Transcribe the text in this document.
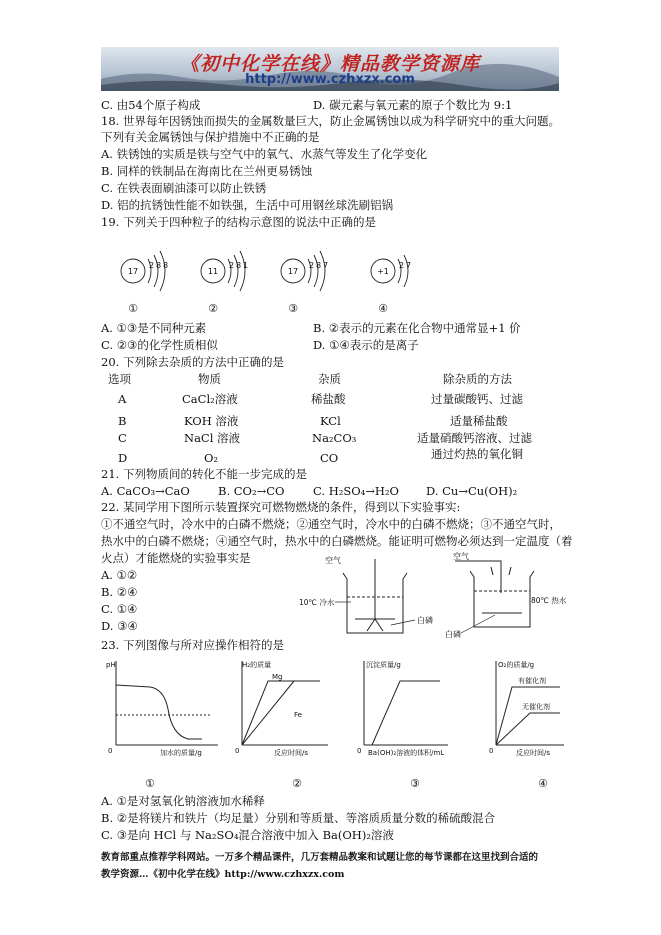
《初中化学在线》精品教学资源库
http://www.czhxzx.com
C. 由54个原子构成	D. 碳元素与氧元素的原子个数比为 9:1
18. 世界每年因锈蚀而损失的金属数量巨大，防止金属锈蚀以成为科学研究中的重大问题。
下列有关金属锈蚀与保护措施中不正确的是
A. 铁锈蚀的实质是铁与空气中的氧气、水蒸气等发生了化学变化
B. 同样的铁制品在海南比在兰州更易锈蚀
C. 在铁表面刷油漆可以防止铁锈
D. 铝的抗锈蚀性能不如铁强，生活中可用钢丝球洗刷铝锅
19. 下列关于四种粒子的结构示意图的说法中正确的是
17
2 8 8
11
2 8 1
17
2 8 7
+1
2 7
①	②	③	④
A. ①③是不同种元素	B. ②表示的元素在化合物中通常显+1 价
C. ②③的化学性质相似	D. ①④表示的是离子
20. 下列除去杂质的方法中正确的是
选项	物质	杂质	除杂质的方法
A	CaCl₂溶液	稀盐酸	过量碳酸钙、过滤
B	KOH 溶液	KCl	适量稀盐酸
C	NaCl 溶液	Na₂CO₃	适量硝酸钙溶液、过滤
D	O₂	CO	通过灼热的氧化铜
21. 下列物质间的转化不能一步完成的是
A. CaCO₃→CaO B. CO₂→CO C. H₂SO₄→H₂O D. Cu→Cu(OH)₂
22. 某同学用下图所示装置探究可燃物燃烧的条件，得到以下实验事实:
①不通空气时，冷水中的白磷不燃烧；②通空气时，冷水中的白磷不燃烧；③不通空气时，
热水中的白磷不燃烧；④通空气时，热水中的白磷燃烧。能证明可燃物必须达到一定温度（着
火点）才能燃烧的实验事实是
A. ①②
B. ②④
C. ①④
D. ③④
空气
10℃ 冷水
白磷
空气
80℃ 热水
白磷
23. 下列图像与所对应操作相符的是
pH
加水的质量/g
0
①
H₂的质量
Mg
Fe
反应时间/s
0
②
沉淀质量/g
Ba(OH)₂溶液的体积/mL
0
③
O₂的质量/g
有催化剂
无催化剂
反应时间/s
0
④
A. ①是对氢氧化钠溶液加水稀释
B. ②是将镁片和铁片（均足量）分别和等质量、等溶质质量分数的稀硫酸混合
C. ③是向 HCl 与 Na₂SO₄混合溶液中加入 Ba(OH)₂溶液
教育部重点推荐学科网站。一万多个精品课件，几万套精品教案和试题让您的每节课都在这里找到合适的
教学资源…《初中化学在线》http://www.czhxzx.com
